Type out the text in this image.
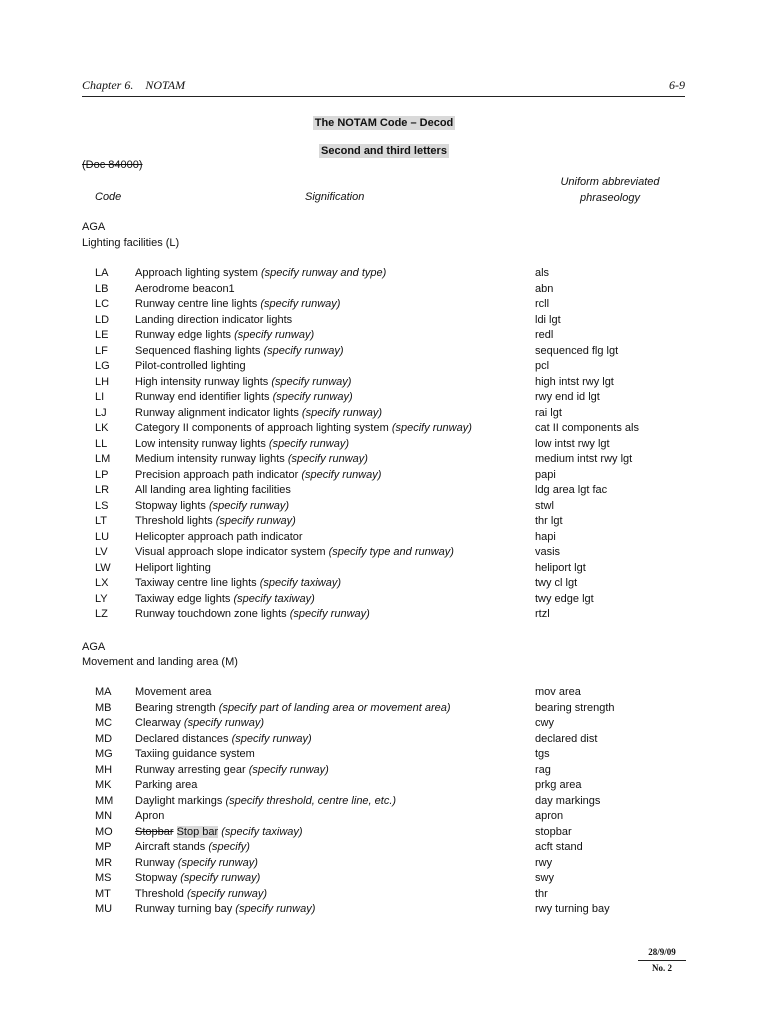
Chapter 6.    NOTAM	6-9
The NOTAM Code – Decod
Second and third letters
(Doc 84000)
Code	Signification
Uniform abbreviated
phraseology
AGA
Lighting facilities (L)
LA Approach lighting system (specify runway and type)	als
LB Aerodrome beacon1	abn
LC Runway centre line lights (specify runway)	rcll
LD Landing direction indicator lights	ldi lgt
LE Runway edge lights (specify runway)	redl
LF Sequenced flashing lights (specify runway)	sequenced flg lgt
LG Pilot-controlled lighting	pcl
LH High intensity runway lights (specify runway)	high intst rwy lgt
LI	Runway end identifier lights (specify runway)	rwy end id lgt
LJ	Runway alignment indicator lights (specify runway)	rai lgt
LK Category II components of approach lighting system (specify runway)	cat II components als
LL	Low intensity runway lights (specify runway)	low intst rwy lgt
LM Medium intensity runway lights (specify runway)	medium intst rwy lgt
LP Precision approach path indicator (specify runway)	papi
LR All landing area lighting facilities	ldg area lgt fac
LS Stopway lights (specify runway)	stwl
LT	Threshold lights (specify runway)	thr lgt
LU Helicopter approach path indicator	hapi
LV Visual approach slope indicator system (specify type and runway)	vasis
LW Heliport lighting	heliport lgt
LX Taxiway centre line lights (specify taxiway)	twy cl lgt
LY Taxiway edge lights (specify taxiway)	twy edge lgt
LZ Runway touchdown zone lights (specify runway)	rtzl
AGA
Movement and landing area (M)
MA Movement area	mov area
MB Bearing strength (specify part of landing area or movement area)	bearing strength
MC Clearway (specify runway)	cwy
MD Declared distances (specify runway)	declared dist
MG Taxiing guidance system	tgs
MH Runway arresting gear (specify runway)	rag
MK Parking area	prkg area
MM Daylight markings (specify threshold, centre line, etc.)	day markings
MN Apron	apron
MO Stopbar Stop bar (specify taxiway)	stopbar
MP Aircraft stands (specify)	acft stand
MR Runway (specify runway)	rwy
MS Stopway (specify runway)	swy
MT Threshold (specify runway)	thr
MU Runway turning bay (specify runway)	rwy turning bay
28/9/09
No. 2
